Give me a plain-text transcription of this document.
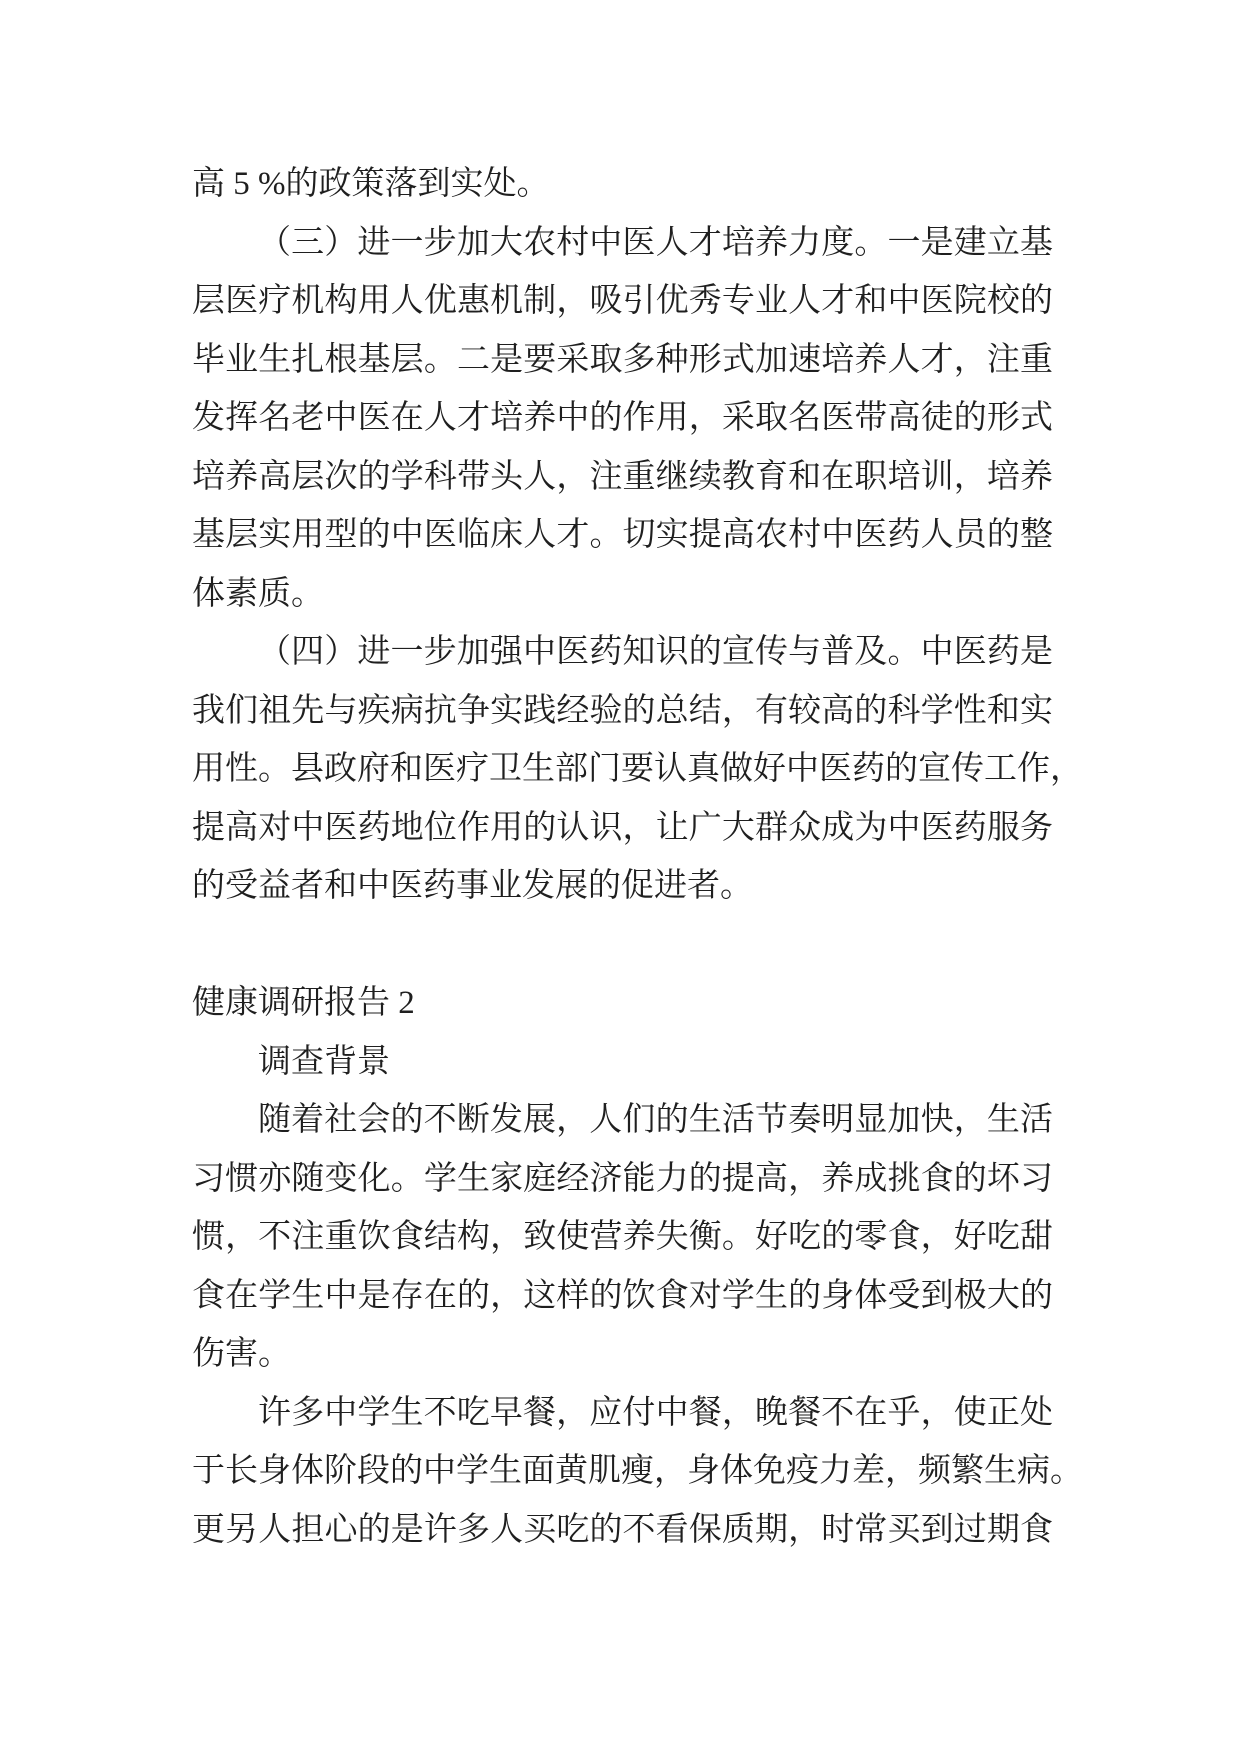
高 5 %的政策落到实处。
（三）进一步加大农村中医人才培养力度。一是建立基
层医疗机构用人优惠机制，吸引优秀专业人才和中医院校的
毕业生扎根基层。二是要采取多种形式加速培养人才，注重
发挥名老中医在人才培养中的作用，采取名医带高徒的形式
培养高层次的学科带头人，注重继续教育和在职培训，培养
基层实用型的中医临床人才。切实提高农村中医药人员的整
体素质。
（四）进一步加强中医药知识的宣传与普及。中医药是
我们祖先与疾病抗争实践经验的总结，有较高的科学性和实
用性。县政府和医疗卫生部门要认真做好中医药的宣传工作，
提高对中医药地位作用的认识，让广大群众成为中医药服务
的受益者和中医药事业发展的促进者。
健康调研报告 2
调查背景
随着社会的不断发展，人们的生活节奏明显加快，生活
习惯亦随变化。学生家庭经济能力的提高，养成挑食的坏习
惯，不注重饮食结构，致使营养失衡。好吃的零食，好吃甜
食在学生中是存在的，这样的饮食对学生的身体受到极大的
伤害。
许多中学生不吃早餐，应付中餐，晚餐不在乎，使正处
于长身体阶段的中学生面黄肌瘦，身体免疫力差，频繁生病。
更另人担心的是许多人买吃的不看保质期，时常买到过期食
